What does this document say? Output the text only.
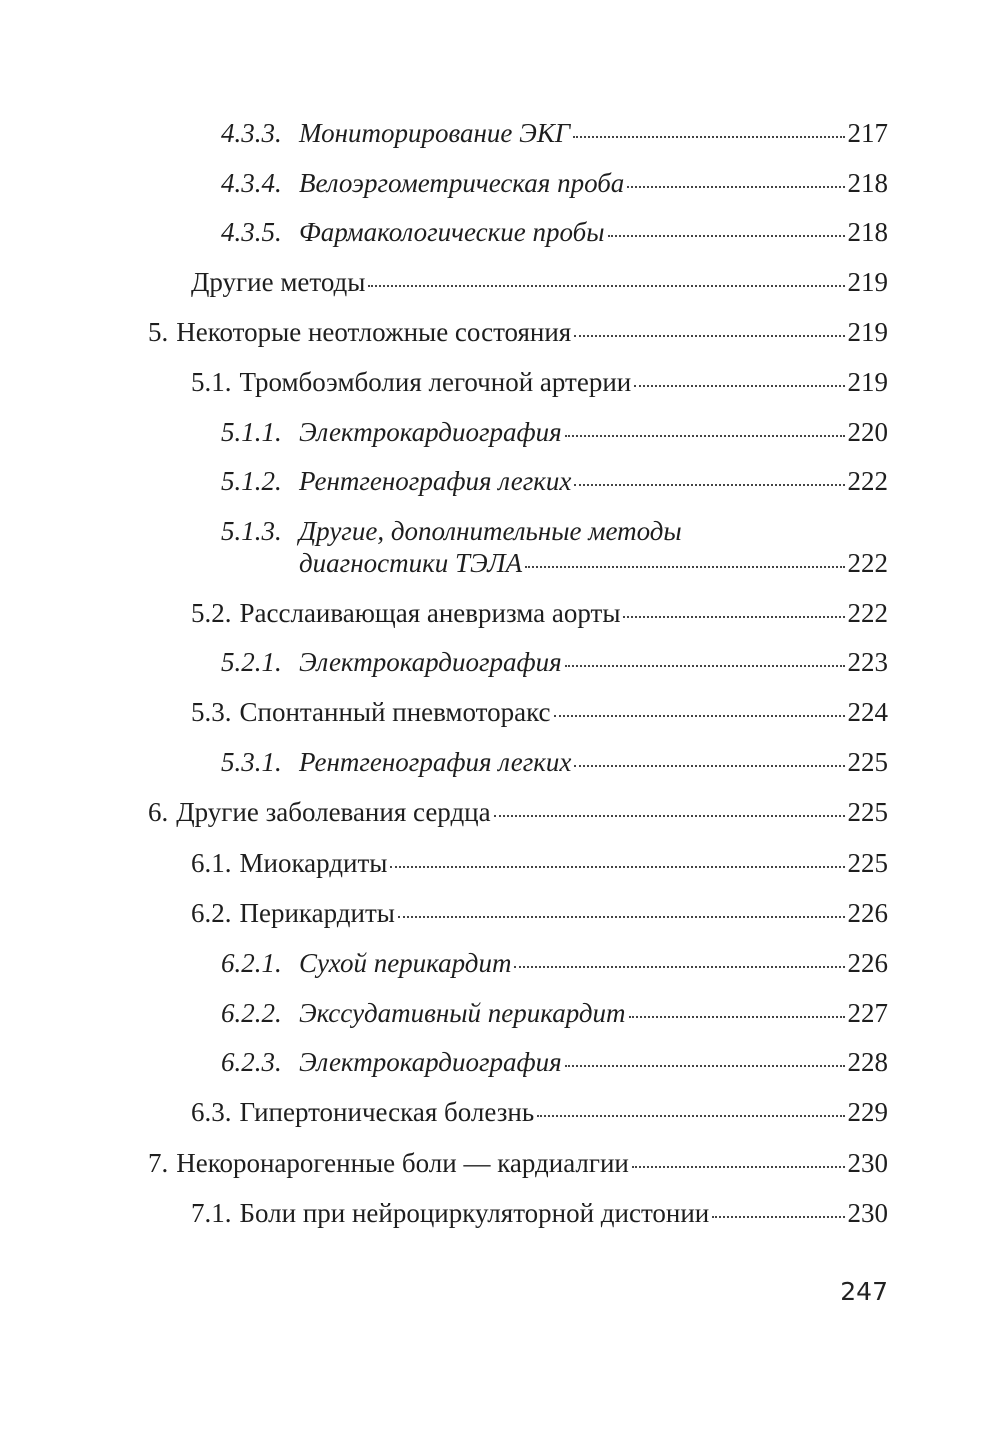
4.3.3. Мониторирование ЭКГ	217
4.3.4. Велоэргометрическая проба	218
4.3.5. Фармакологические пробы	218
Другие методы	219
5. Некоторые неотложные состояния	219
5.1. Тромбоэмболия легочной артерии	219
5.1.1. Электрокардиография	220
5.1.2. Рентгенография легких	222
5.1.3. Другие, дополнительные методы
диагностики ТЭЛА	222
5.2. Расслаивающая аневризма аорты	222
5.2.1. Электрокардиография	223
5.3. Спонтанный пневмоторакс	224
5.3.1. Рентгенография легких	225
6. Другие заболевания сердца	225
6.1. Миокардиты	225
6.2. Перикардиты	226
6.2.1. Сухой перикардит	226
6.2.2. Экссудативный перикардит	227
6.2.3. Электрокардиография	228
6.3. Гипертоническая болезнь	229
7. Некоронарогенные боли — кардиалгии	230
7.1. Боли при нейроциркуляторной дистонии	230
247
